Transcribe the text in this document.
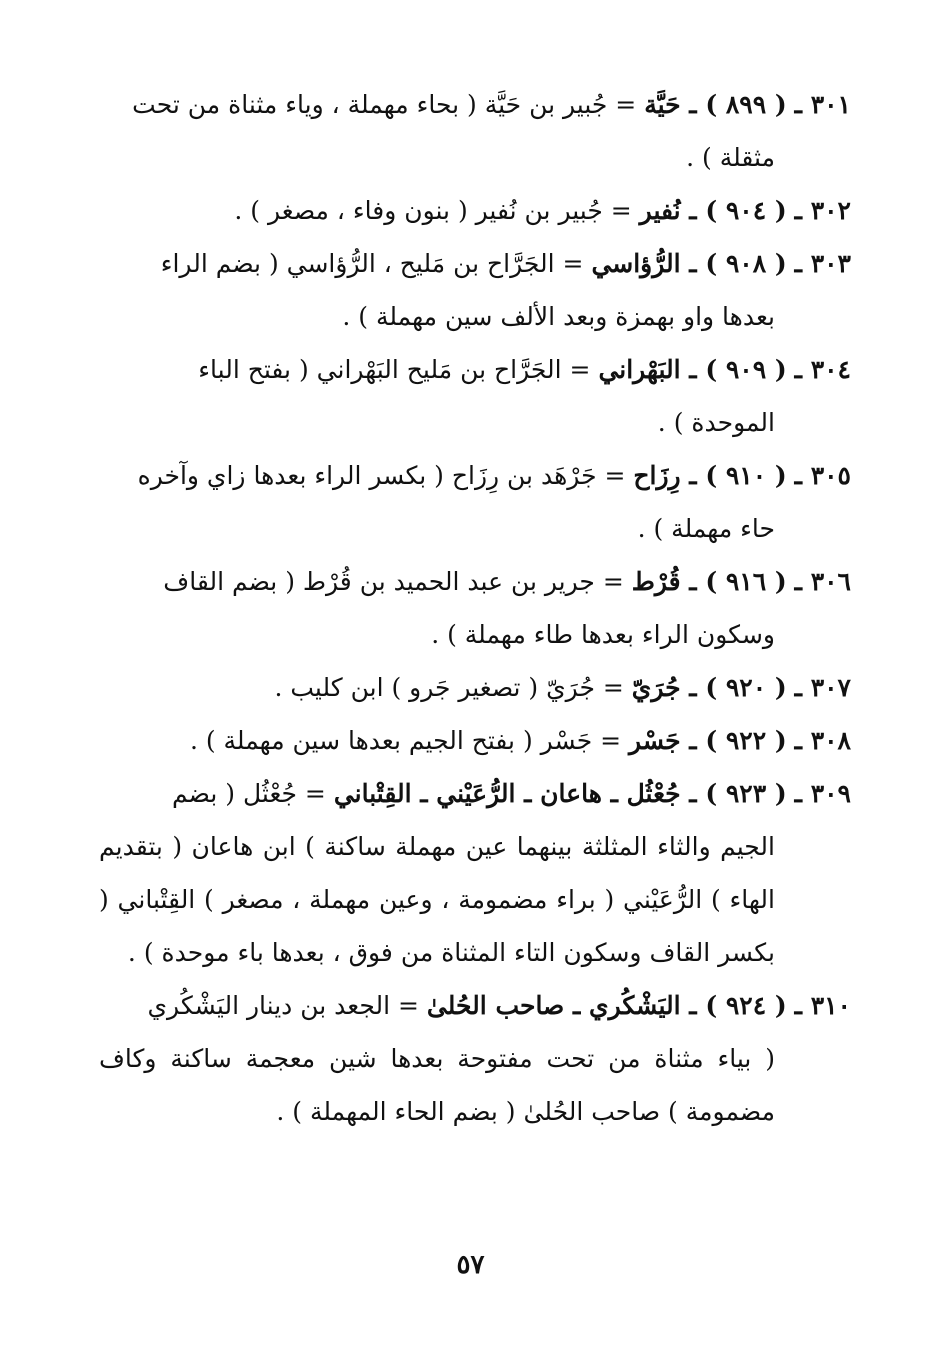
٣٠١ ـ ( ٨٩٩ ) ـ حَيَّة = جُبير بن حَيَّة ( بحاء مهملة ، وياء مثناة من تحت
مثقلة ) .

٣٠٢ ـ ( ٩٠٤ ) ـ نُفير = جُبير بن نُفير ( بنون وفاء ، مصغر ) .

٣٠٣ ـ ( ٩٠٨ ) ـ الرُّؤاسي = الجَرَّاح بن مَليح ، الرُّؤاسي ( بضم الراء
بعدها واو بهمزة وبعد الألف سين مهملة ) .

٣٠٤ ـ ( ٩٠٩ ) ـ البَهْراني = الجَرَّاح بن مَليح البَهْراني ( بفتح الباء
الموحدة ) .

٣٠٥ ـ ( ٩١٠ ) ـ رِزَاح = جَرْهَد بن رِزَاح ( بكسر الراء بعدها زاي وآخره
حاء مهملة ) .

٣٠٦ ـ ( ٩١٦ ) ـ قُرْط = جرير بن عبد الحميد بن قُرْط ( بضم القاف
وسكون الراء بعدها طاء مهملة ) .

٣٠٧ ـ ( ٩٢٠ ) ـ جُرَيّ = جُرَيّ ( تصغير جَرو ) ابن كليب .

٣٠٨ ـ ( ٩٢٢ ) ـ جَسْر = جَسْر ( بفتح الجيم بعدها سين مهملة ) .

٣٠٩ ـ ( ٩٢٣ ) ـ جُعْثُل ـ هاعان ـ الرُّعَيْني ـ القِتْباني = جُعْثُل ( بضم
الجيم والثاء المثلثة بينهما عين مهملة ساكنة ) ابن هاعان ( بتقديم الهاء ) الرُّعَيْني ( براء مضمومة ، وعين مهملة ، مصغر ) القِتْباني ( بكسر القاف وسكون التاء المثناة من فوق ، بعدها باء موحدة ) .

٣١٠ ـ ( ٩٢٤ ) ـ اليَشْكُري ـ صاحب الحُلىٰ = الجعد بن دينار اليَشْكُري
( بياء مثناة من تحت مفتوحة بعدها شين معجمة ساكنة وكاف مضمومة ) صاحب الحُلىٰ ( بضم الحاء المهملة ) .

٥٧
